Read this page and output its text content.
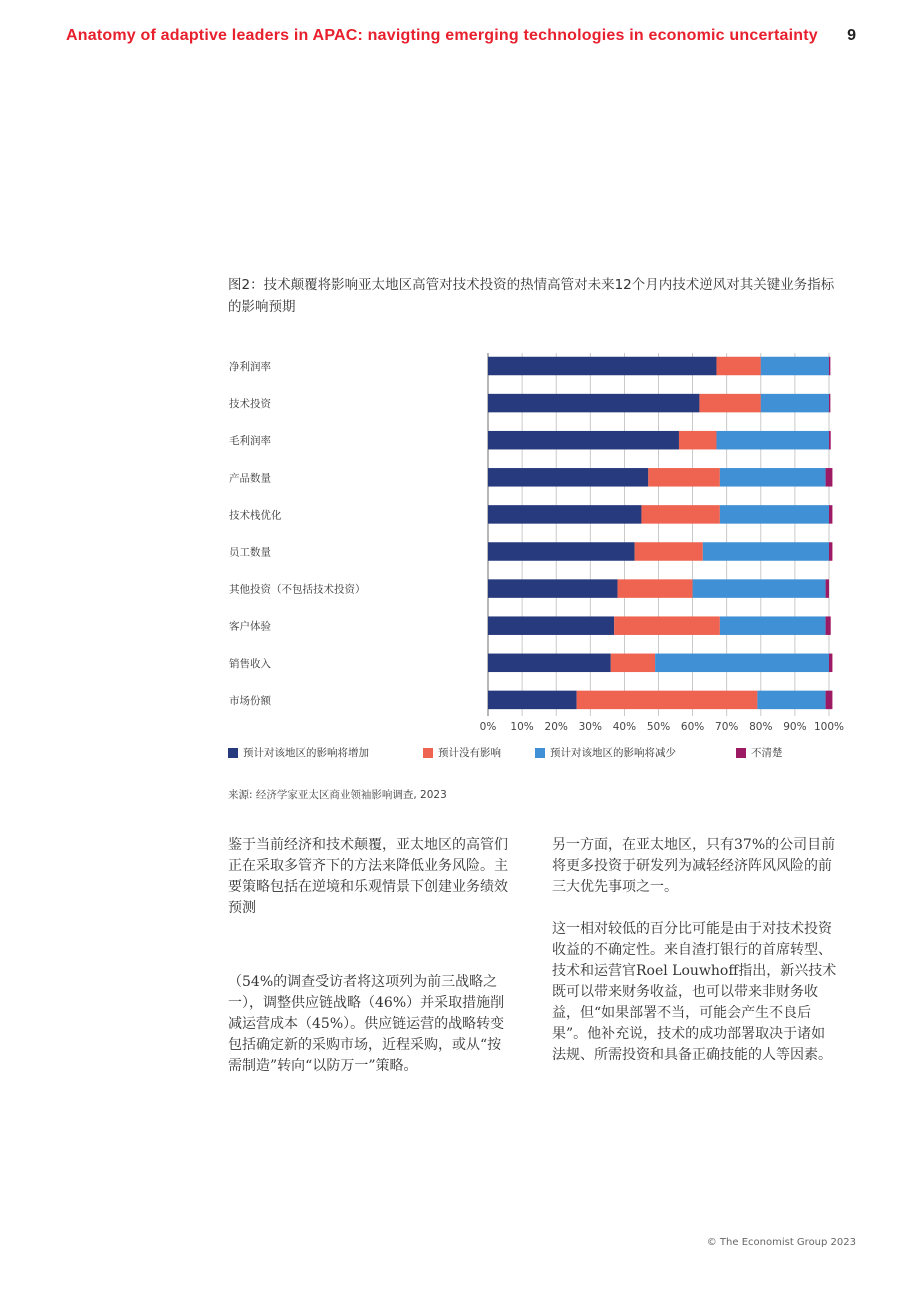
Anatomy of adaptive leaders in APAC: navigting emerging technologies in economic uncertainty 9
图2：技术颠覆将影响亚太地区高管对技术投资的热情高管对未来12个月内技术逆风对其关键业务指标的影响预期
0% 10% 20% 30% 40% 50% 60% 70% 80% 90% 100%
净利润率
技术投资
毛利润率
产品数量
技术栈优化
员工数量
其他投资（不包括技术投资）
客户体验
销售收入
市场份额
预计对该地区的影响将增加	预计没有影响	预计对该地区的影响将减少	不清楚
来源: 经济学家亚太区商业领袖影响调查, 2023

鉴于当前经济和技术颠覆，亚太地区的高管们正在采取多管齐下的方法来降低业务风险。主要策略包括在逆境和乐观情景下创建业务绩效预测

（54%的调查受访者将这项列为前三战略之一），调整供应链战略（46%）并采取措施削减运营成本（45%）。供应链运营的战略转变包括确定新的采购市场，近程采购，或从“按需制造”转向“以防万一”策略。

另一方面，在亚太地区，只有37%的公司目前将更多投资于研发列为减轻经济阵风风险的前三大优先事项之一。

这一相对较低的百分比可能是由于对技术投资收益的不确定性。来自渣打银行的首席转型、技术和运营官Roel Louwhoff指出，新兴技术既可以带来财务收益，也可以带来非财务收益，但“如果部署不当，可能会产生不良后果”。他补充说，技术的成功部署取决于诸如法规、所需投资和具备正确技能的人等因素。

© The Economist Group 2023
